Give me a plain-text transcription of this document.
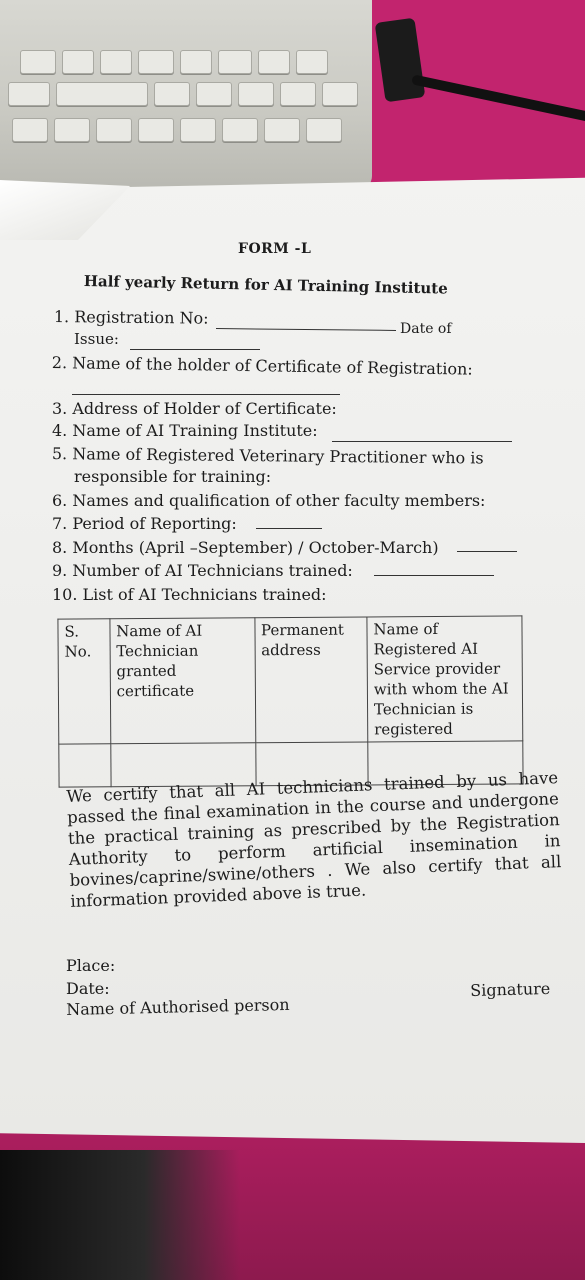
FORM -L
Half yearly Return for AI Training Institute
1. Registration No:
Date of
Issue:
2. Name of the holder of Certificate of Registration:
3. Address of Holder of Certificate:
4. Name of AI Training Institute:
5. Name of Registered Veterinary Practitioner who is
responsible for training:
6. Names and qualification of other faculty members:
7. Period of Reporting:
8. Months (April –September) / October-March)
9. Number of AI Technicians trained:
10. List of AI Technicians trained:
S. No.	Name of AI Technician granted certificate	Permanent address	Name of Registered AI Service provider with whom the AI Technician is registered

We certify that all AI technicians trained by us have passed the final examination in the course and undergone the practical training as prescribed by the Registration Authority to perform artificial insemination in bovines/caprine/swine/others . We also certify that all information provided above is true.
Place:
Date:
Name of Authorised person
Signature
